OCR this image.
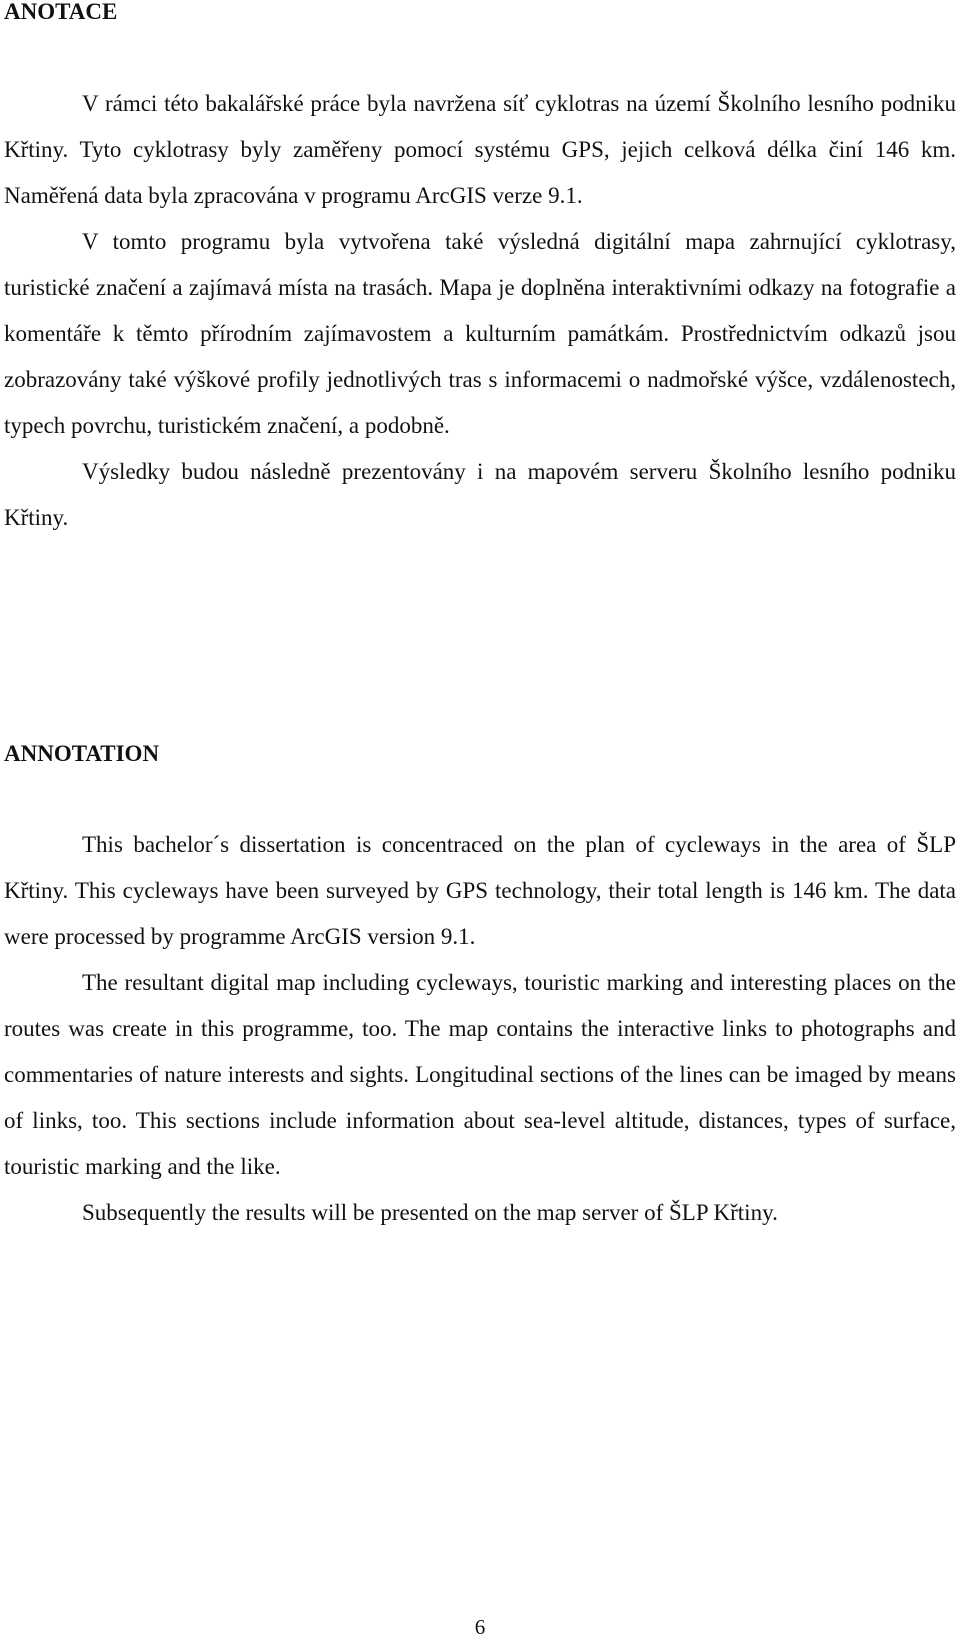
ANOTACE

V rámci této bakalářské práce byla navržena síť cyklotras na území Školního lesního podniku Křtiny. Tyto cyklotrasy byly zaměřeny pomocí systému GPS, jejich celková délka činí 146 km. Naměřená data byla zpracována v programu ArcGIS verze 9.1.

V tomto programu byla vytvořena také výsledná digitální mapa zahrnující cyklotrasy, turistické značení a zajímavá místa na trasách. Mapa je doplněna interaktivními odkazy na fotografie a komentáře k těmto přírodním zajímavostem a kulturním památkám. Prostřednictvím odkazů jsou zobrazovány také výškové profily jednotlivých tras s informacemi o nadmořské výšce, vzdálenostech, typech povrchu, turistickém značení, a podobně.

Výsledky budou následně prezentovány i na mapovém serveru Školního lesního podniku Křtiny.

ANNOTATION

This bachelor´s dissertation is concentraced on the plan of cycleways in the area of ŠLP Křtiny. This cycleways have been surveyed by GPS technology, their total length is 146 km. The data were processed by programme ArcGIS version 9.1.

The resultant digital map including cycleways, touristic marking and interesting places on the routes was create in this programme, too. The map contains the interactive links to photographs and commentaries of nature interests and sights. Longitudinal sections of the lines can be imaged by means of links, too. This sections include information about sea-level altitude, distances, types of surface, touristic marking and the like.

Subsequently the results will be presented on the map server of ŠLP Křtiny.

6
